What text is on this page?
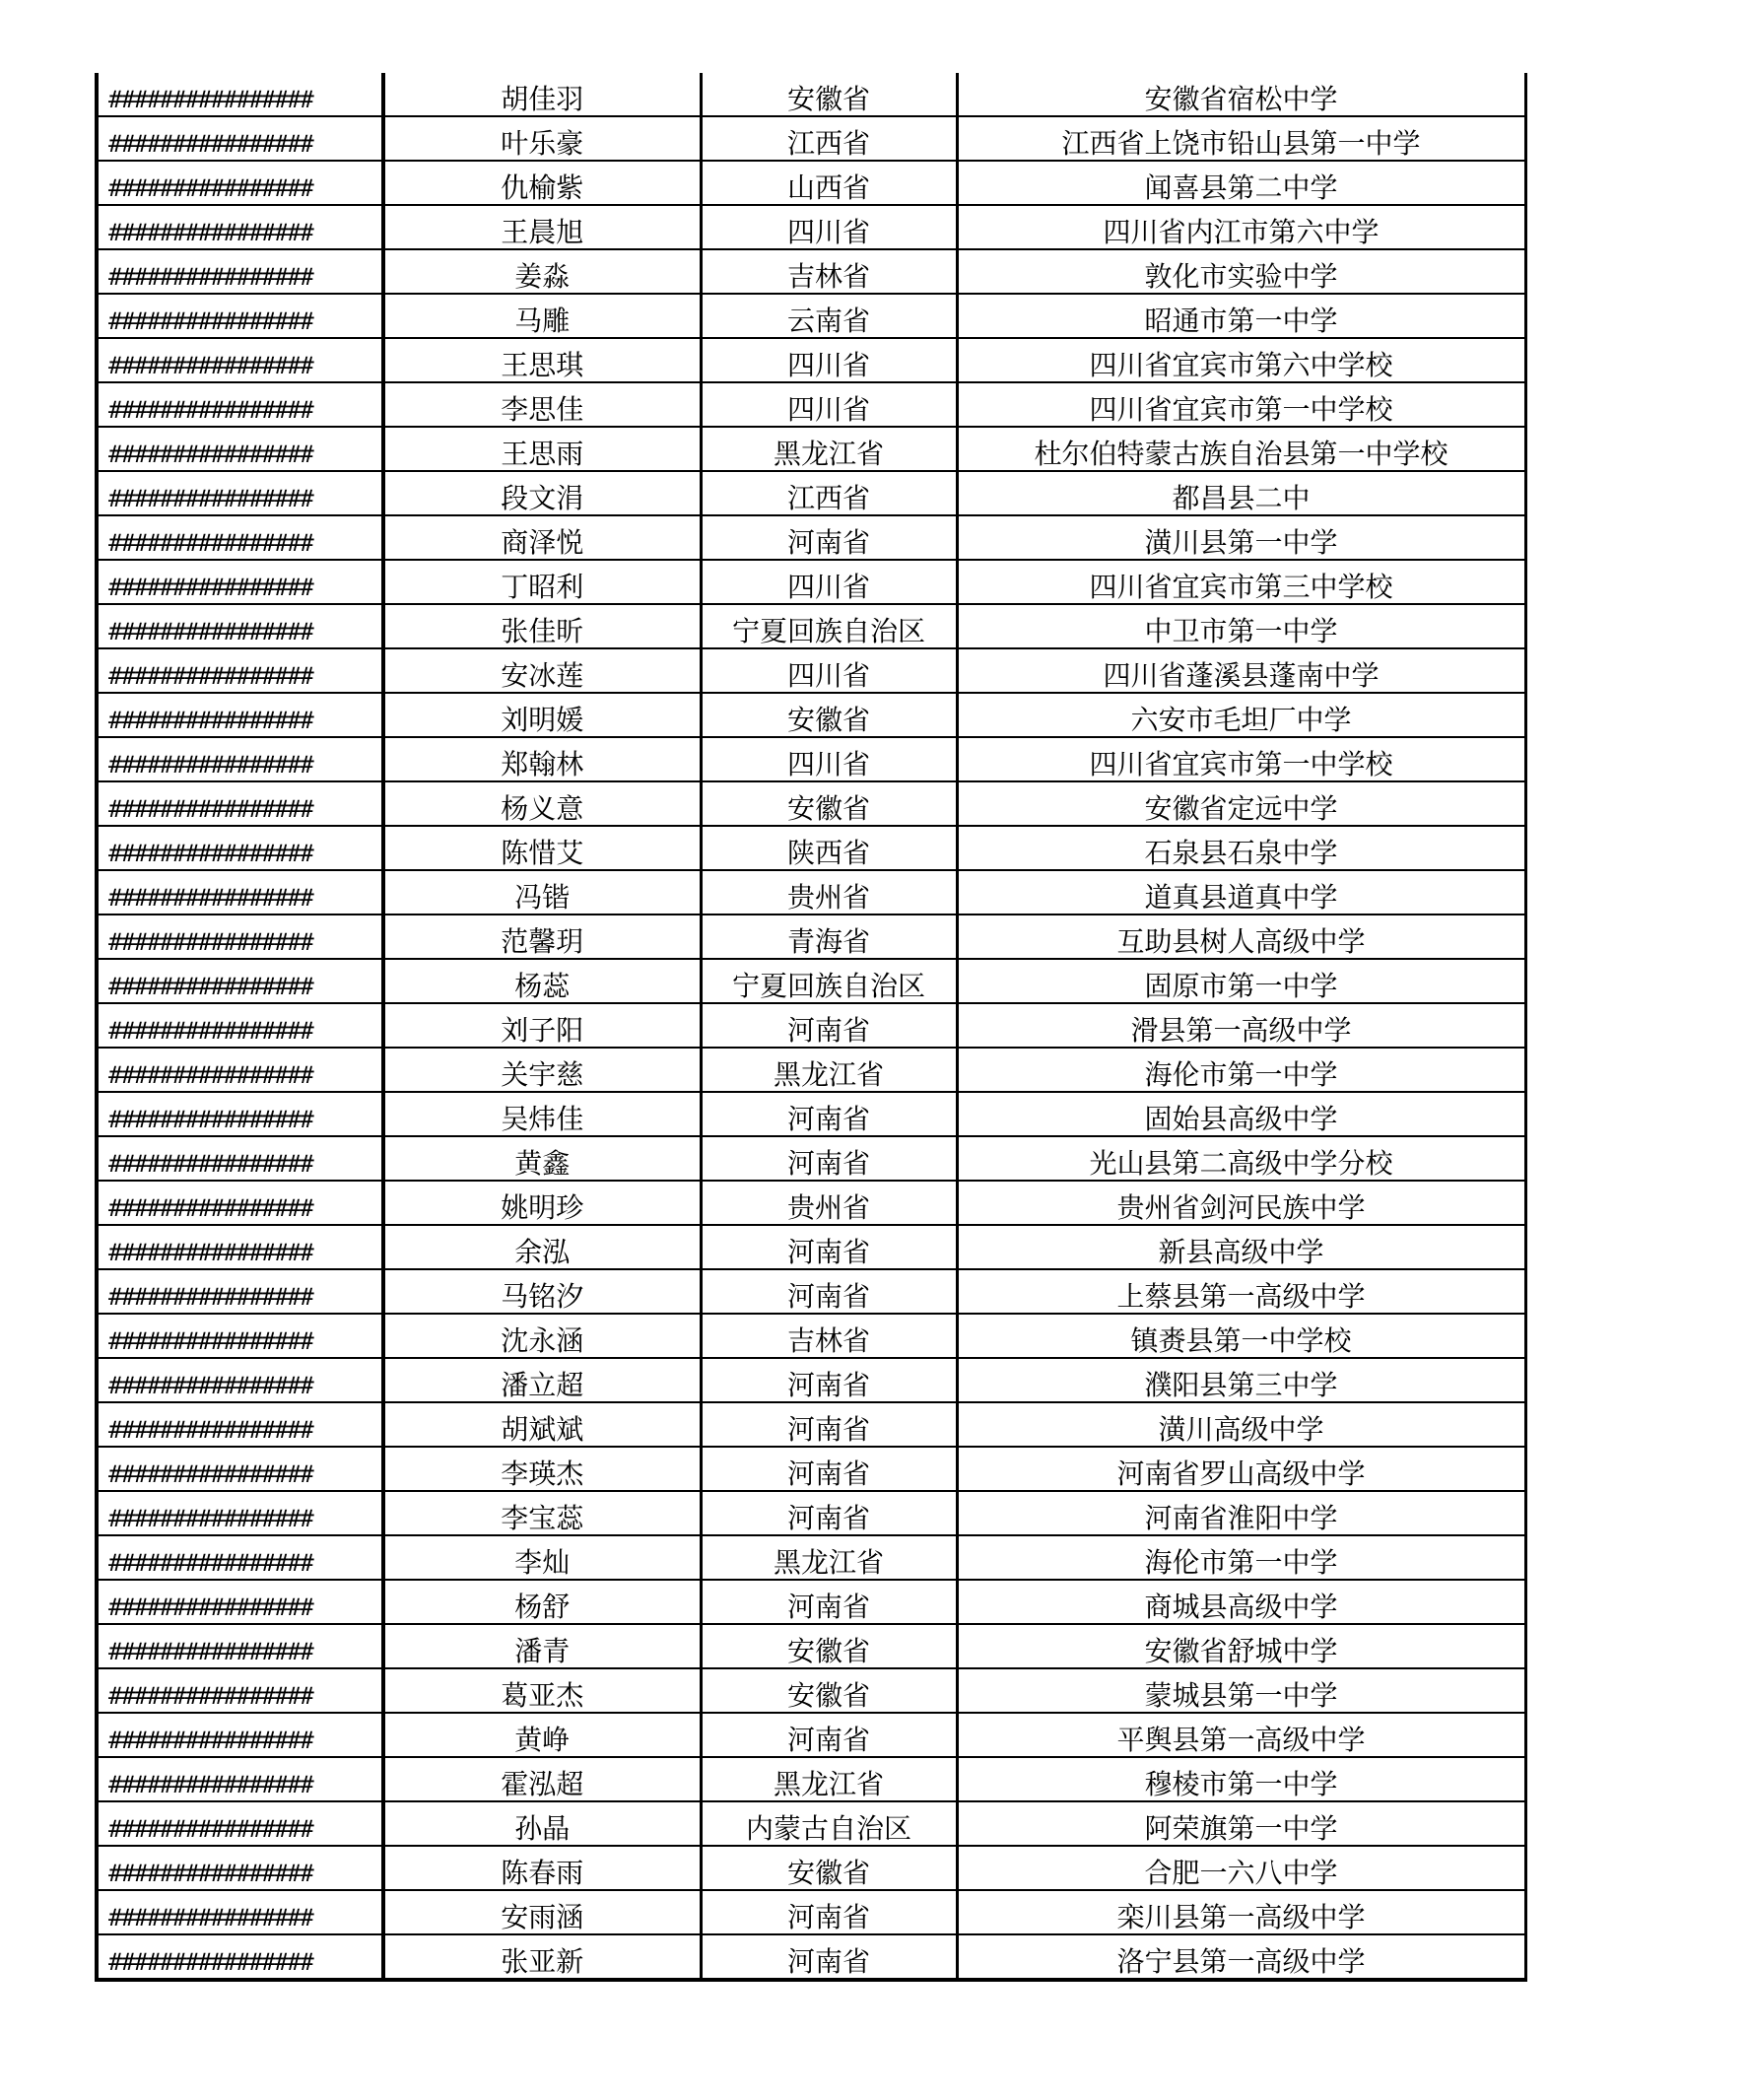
################	胡佳羽	安徽省	安徽省宿松中学
################	叶乐豪	江西省	江西省上饶市铅山县第一中学
################	仇榆紫	山西省	闻喜县第二中学
################	王晨旭	四川省	四川省内江市第六中学
################	姜淼	吉林省	敦化市实验中学
################	马雕	云南省	昭通市第一中学
################	王思琪	四川省	四川省宜宾市第六中学校
################	李思佳	四川省	四川省宜宾市第一中学校
################	王思雨	黑龙江省	杜尔伯特蒙古族自治县第一中学校
################	段文涓	江西省	都昌县二中
################	商泽悦	河南省	潢川县第一中学
################	丁昭利	四川省	四川省宜宾市第三中学校
################	张佳昕	宁夏回族自治区	中卫市第一中学
################	安冰莲	四川省	四川省蓬溪县蓬南中学
################	刘明媛	安徽省	六安市毛坦厂中学
################	郑翰林	四川省	四川省宜宾市第一中学校
################	杨义意	安徽省	安徽省定远中学
################	陈惜艾	陕西省	石泉县石泉中学
################	冯锴	贵州省	道真县道真中学
################	范馨玥	青海省	互助县树人高级中学
################	杨蕊	宁夏回族自治区	固原市第一中学
################	刘子阳	河南省	滑县第一高级中学
################	关宇慈	黑龙江省	海伦市第一中学
################	吴炜佳	河南省	固始县高级中学
################	黄鑫	河南省	光山县第二高级中学分校
################	姚明珍	贵州省	贵州省剑河民族中学
################	余泓	河南省	新县高级中学
################	马铭汐	河南省	上蔡县第一高级中学
################	沈永涵	吉林省	镇赉县第一中学校
################	潘立超	河南省	濮阳县第三中学
################	胡斌斌	河南省	潢川高级中学
################	李瑛杰	河南省	河南省罗山高级中学
################	李宝蕊	河南省	河南省淮阳中学
################	李灿	黑龙江省	海伦市第一中学
################	杨舒	河南省	商城县高级中学
################	潘青	安徽省	安徽省舒城中学
################	葛亚杰	安徽省	蒙城县第一中学
################	黄峥	河南省	平舆县第一高级中学
################	霍泓超	黑龙江省	穆棱市第一中学
################	孙晶	内蒙古自治区	阿荣旗第一中学
################	陈春雨	安徽省	合肥一六八中学
################	安雨涵	河南省	栾川县第一高级中学
################	张亚新	河南省	洛宁县第一高级中学
